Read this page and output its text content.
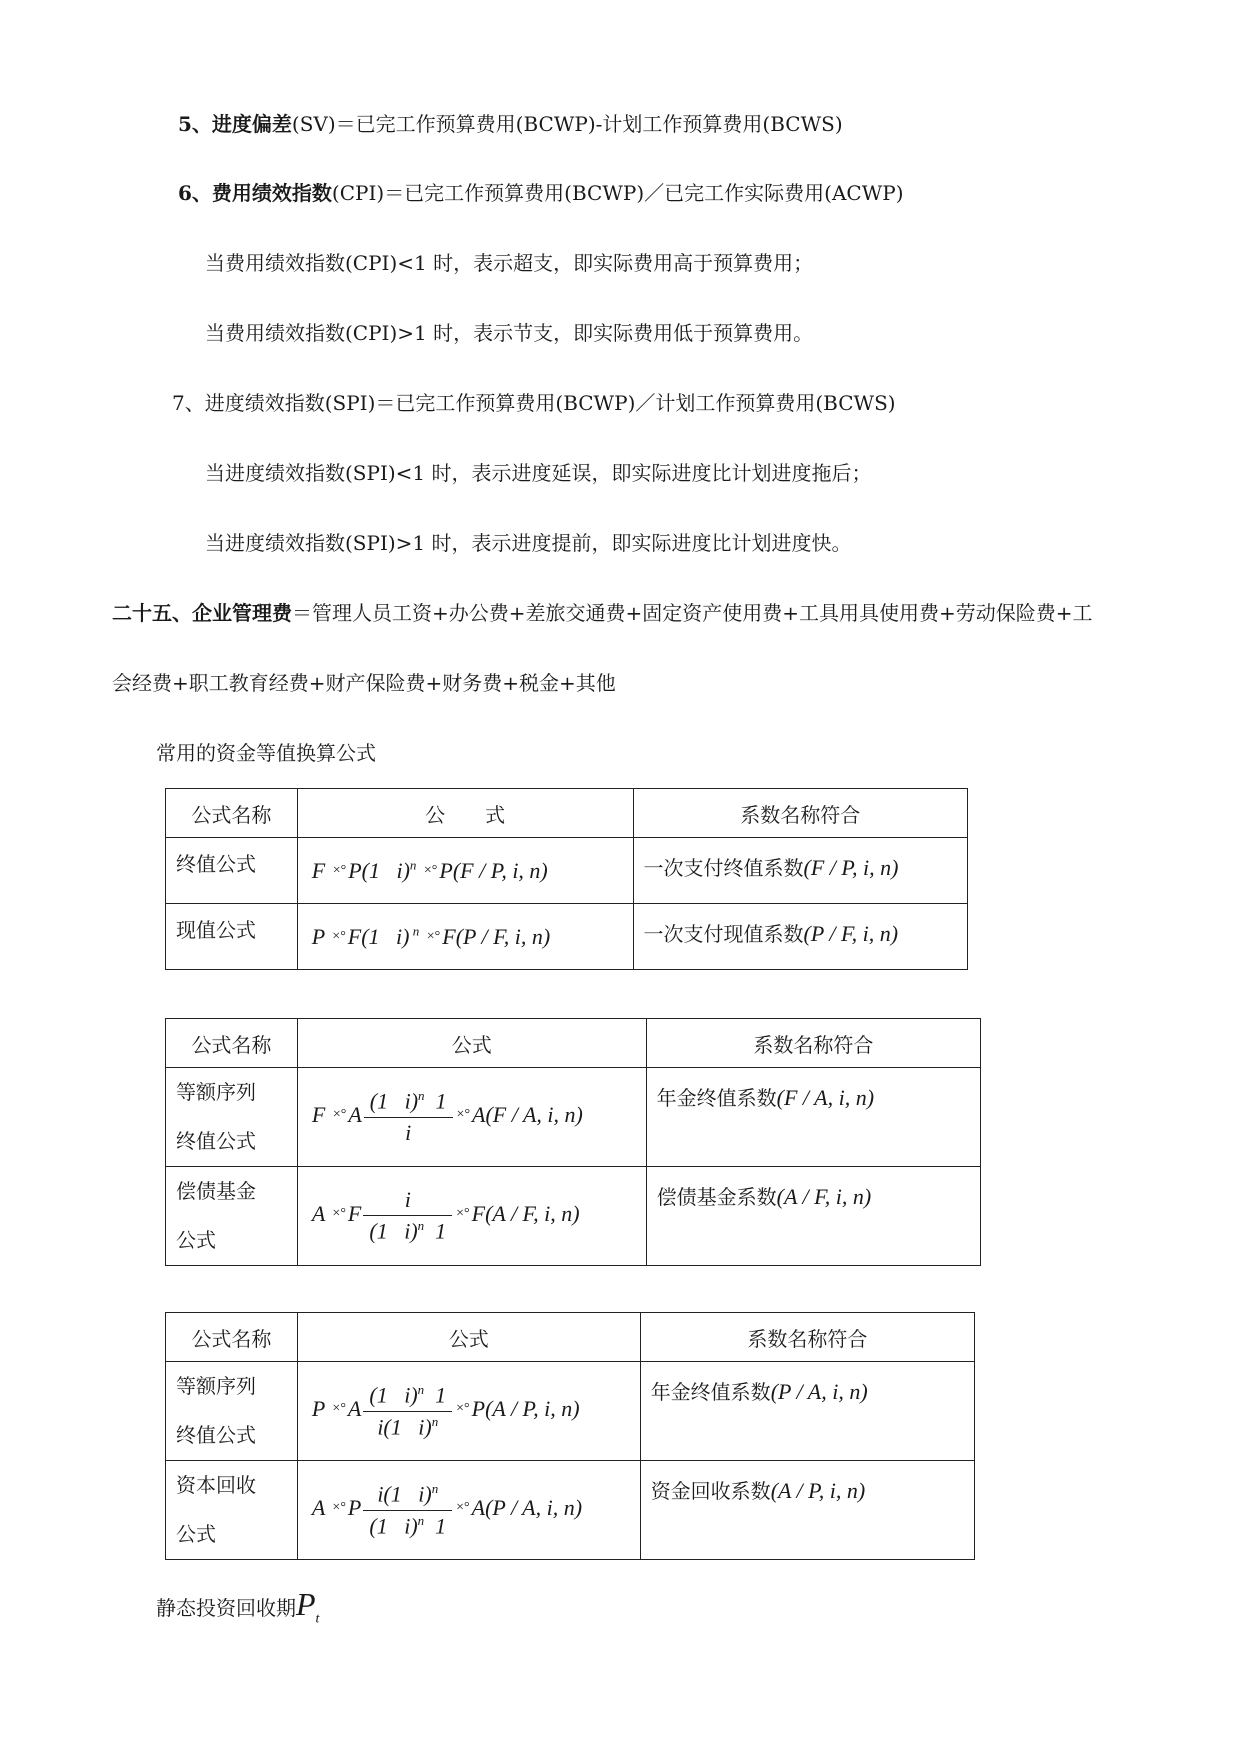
5、进度偏差(SV)＝已完工作预算费用(BCWP)-计划工作预算费用(BCWS)
6、费用绩效指数(CPI)＝已完工作预算费用(BCWP)／已完工作实际费用(ACWP)
当费用绩效指数(CPI)<1 时，表示超支，即实际费用高于预算费用；
当费用绩效指数(CPI)>1 时，表示节支，即实际费用低于预算费用。
7、进度绩效指数(SPI)＝已完工作预算费用(BCWP)／计划工作预算费用(BCWS)
当进度绩效指数(SPI)<1 时，表示进度延误，即实际进度比计划进度拖后；
当进度绩效指数(SPI)>1 时，表示进度提前，即实际进度比计划进度快。
二十五、企业管理费＝管理人员工资+办公费+差旅交通费+固定资产使用费+工具用具使用费+劳动保险费+工
会经费+职工教育经费+财产保险费+财务费+税金+其他
常用的资金等值换算公式
公式名称	公　　式	系数名称符合
终值公式	F ×°P(1   i)$^n$ ×°P(F / P, i, n)	一次支付终值系数(F / P, i, n)
现值公式	P ×°F(1   i) $^n$ ×°F(P / F, i, n)	一次支付现值系数(P / F, i, n)
公式名称	公式	系数名称符合
等额序列终值公式	$F \times^\circ A \frac{(1 i)^n 1}{i} \times^\circ A(F / A$, i, n)	年金终值系数(F / A, i, n)
偿债基金公式	$A \times^\circ F \frac{i}{(1 i)^n 1} \times^\circ F(A / F$, i, n)	偿债基金系数(A / F, i, n)
公式名称	公式	系数名称符合
等额序列终值公式	$P \times^\circ A \frac{(1 i)^n 1}{i(1 i)^n} \times^\circ P(A / P$, i, n)	年金终值系数(P / A, i, n)
资本回收公式	$A \times^\circ P \frac{i(1 i)^n}{(1 i)^n 1} \times^\circ A(P / A$, i, n)	资金回收系数(A / P, i, n)
静态投资回收期$P_t$
